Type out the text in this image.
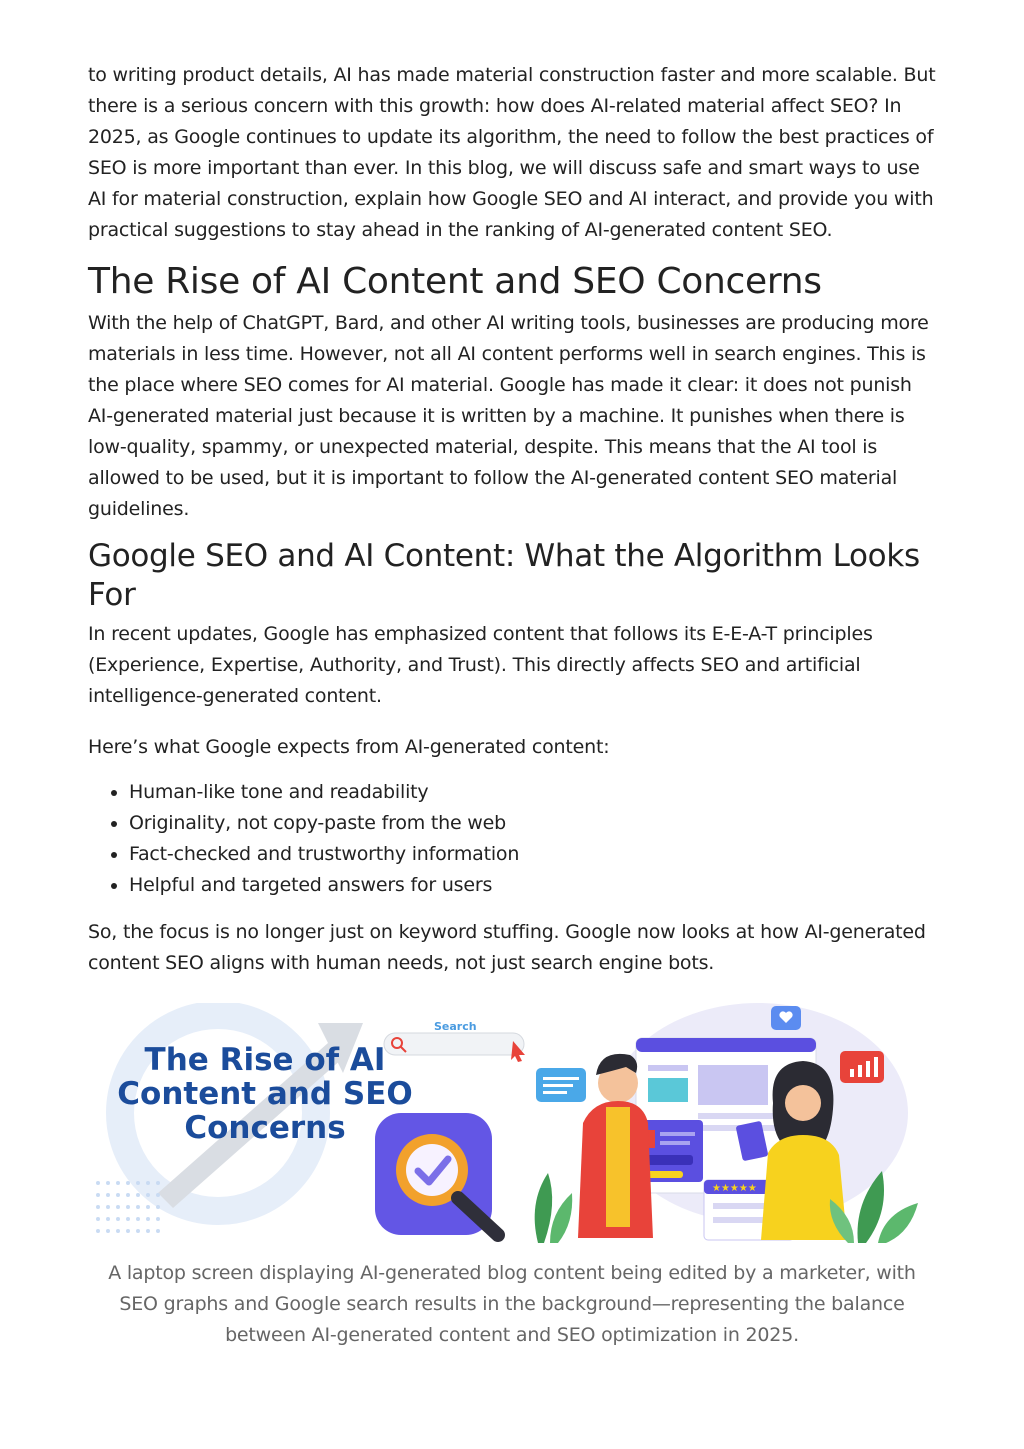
to writing product details, AI has made material construction faster and more scalable. But there is a serious concern with this growth: how does AI-related material affect SEO? In 2025, as Google continues to update its algorithm, the need to follow the best practices of SEO is more important than ever. In this blog, we will discuss safe and smart ways to use AI for material construction, explain how Google SEO and AI interact, and provide you with practical suggestions to stay ahead in the ranking of AI-generated content SEO.

The Rise of AI Content and SEO Concerns

With the help of ChatGPT, Bard, and other AI writing tools, businesses are producing more materials in less time. However, not all AI content performs well in search engines. This is the place where SEO comes for AI material. Google has made it clear: it does not punish AI-generated material just because it is written by a machine. It punishes when there is low-quality, spammy, or unexpected material, despite. This means that the AI tool is allowed to be used, but it is important to follow the AI-generated content SEO material guidelines.

Google SEO and AI Content: What the Algorithm Looks For

In recent updates, Google has emphasized content that follows its E-E-A-T principles (Experience, Expertise, Authority, and Trust). This directly affects SEO and artificial intelligence-generated content.

Here’s what Google expects from AI-generated content:

• Human-like tone and readability
• Originality, not copy-paste from the web
• Fact-checked and trustworthy information
• Helpful and targeted answers for users

So, the focus is no longer just on keyword stuffing. Google now looks at how AI-generated content SEO aligns with human needs, not just search engine bots.

★★★★★
The Rise of AI Content and SEO Concerns
Search
A laptop screen displaying AI-generated blog content being edited by a marketer, with SEO graphs and Google search results in the background—representing the balance between AI-generated content and SEO optimization in 2025.
